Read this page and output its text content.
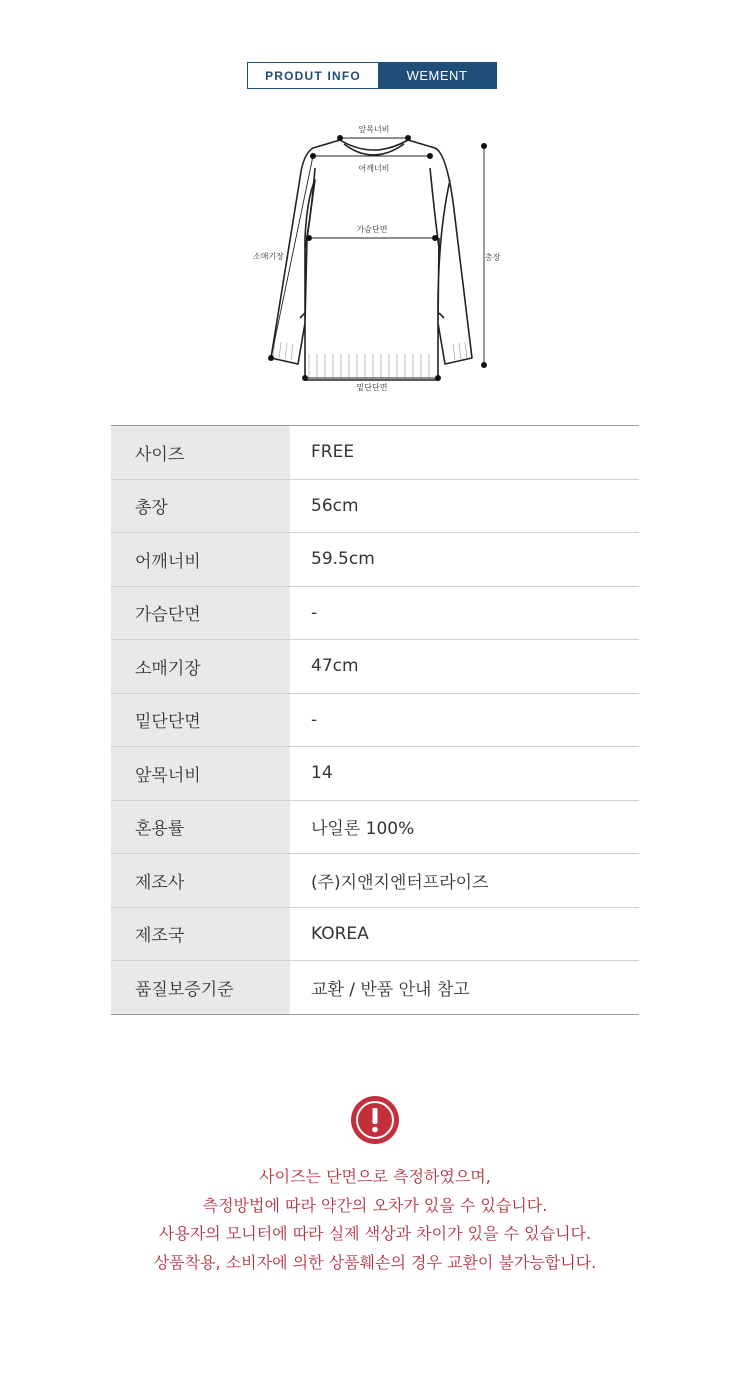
PRODUT INFO	WEMENT
앞목너비
어깨너비
가슴단면
소매기장	총장
밑단단면
사이즈	FREE
총장	56cm
어깨너비	59.5cm
가슴단면	-
소매기장	47cm
밑단단면	-
앞목너비	14
혼용률	나일론 100%
제조사	(주)지앤지엔터프라이즈
제조국	KOREA
품질보증기준	교환 / 반품 안내 참고

사이즈는 단면으로 측정하였으며,

측정방법에 따라 약간의 오차가 있을 수 있습니다.

사용자의 모니터에 따라 실제 색상과 차이가 있을 수 있습니다.

상품착용, 소비자에 의한 상품훼손의 경우 교환이 불가능합니다.
